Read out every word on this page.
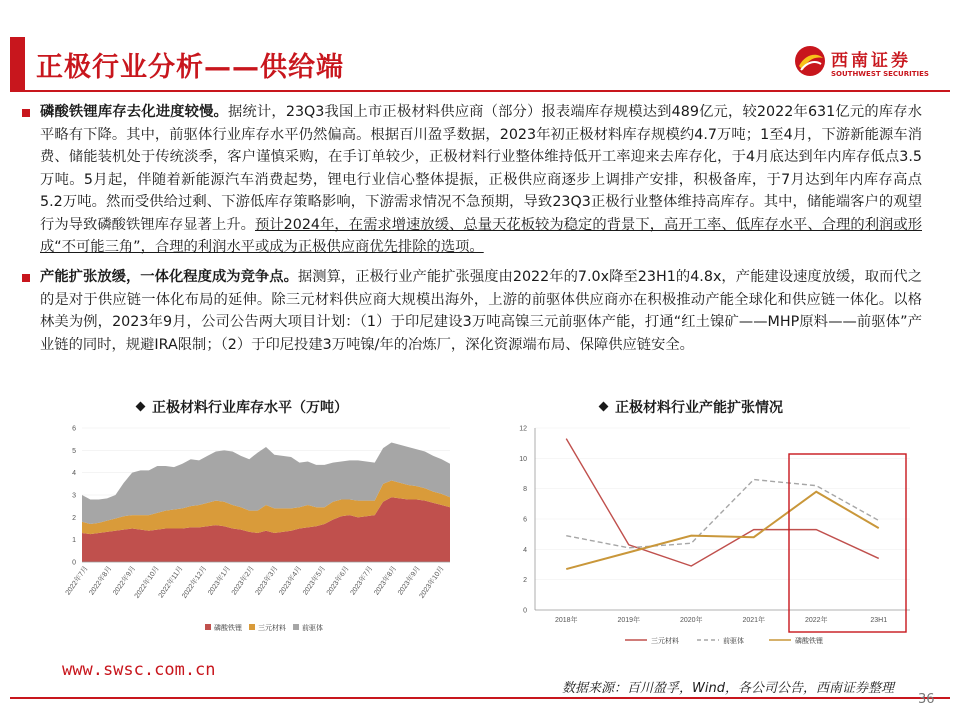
正极行业分析——供给端	西南证券
SOUTHWEST SECURITIES
磷酸铁锂库存去化进度较慢。据统计，23Q3我国上市正极材料供应商（部分）报表端库存规模达到489亿元，较2022年631亿元的库存水平略有下降。其中，前驱体行业库存水平仍然偏高。根据百川盈孚数据，2023年初正极材料库存规模约4.7万吨；1至4月，下游新能源车消费、储能装机处于传统淡季，客户谨慎采购，在手订单较少，正极材料行业整体维持低开工率迎来去库存化，于4月底达到年内库存低点3.5万吨。5月起，伴随着新能源汽车消费起势，锂电行业信心整体提振，正极供应商逐步上调排产安排，积极备库，于7月达到年内库存高点5.2万吨。然而受供给过剩、下游低库存策略影响，下游需求情况不急预期，导致23Q3正极行业整体维持高库存。其中，储能端客户的观望行为导致磷酸铁锂库存显著上升。预计2024年，在需求增速放缓、总量天花板较为稳定的背景下，高开工率、低库存水平、合理的利润或形成“不可能三角”，合理的利润水平或成为正极供应商优先排除的选项。
产能扩张放缓，一体化程度成为竞争点。据测算，正极行业产能扩张强度由2022年的7.0x降至23H1的4.8x，产能建设速度放缓，取而代之的是对于供应链一体化布局的延伸。除三元材料供应商大规模出海外，上游的前驱体供应商亦在积极推动产能全球化和供应链一体化。以格林美为例，2023年9月，公司公告两大项目计划：（1）于印尼建设3万吨高镍三元前驱体产能，打通“红土镍矿——MHP原料——前驱体”产业链的同时，规避IRA限制；（2）于印尼投建3万吨镍/年的冶炼厂，深化资源端布局、保障供应链安全。
正极材料行业库存水平（万吨）
0
1
2
3
4
5
6
2022年7月
2022年8月
2022年9月
2022年10月
2022年11月
2022年12月
2023年1月
2023年2月
2023年3月
2023年4月
2023年5月
2023年6月
2023年7月
2023年8月
2023年9月
2023年10月
磷酸铁锂 三元材料 前驱体
正极材料行业产能扩张情况
0
2
4
6
8
10
12
2018年	2019年	2020年	2021年	2022年	23H1
三元材料	前驱体	磷酸铁锂
www.swsc.com.cn
数据来源：百川盈孚，Wind，各公司公告，西南证券整理
36
